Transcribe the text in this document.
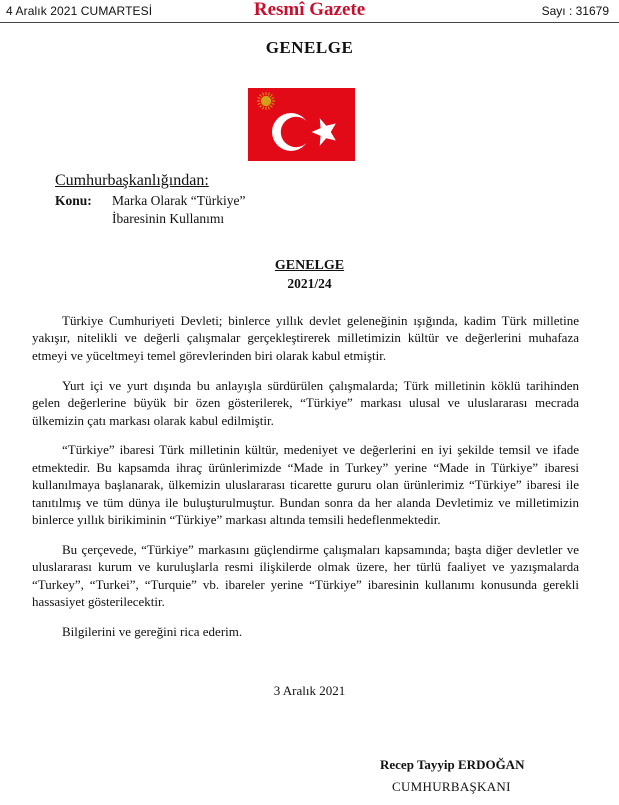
4 Aralık 2021 CUMARTESİ	Resmî Gazete	Sayı : 31679
GENELGE
Cumhurbaşkanlığından:
Konu: Marka Olarak “Türkiye”
İbaresinin Kullanımı
GENELGE
2021/24

Türkiye Cumhuriyeti Devleti; binlerce yıllık devlet geleneğinin ışığında, kadim Türk milletine yakışır, nitelikli ve değerli çalışmalar gerçekleştirerek milletimizin kültür ve değerlerini muhafaza etmeyi ve yüceltmeyi temel görevlerinden biri olarak kabul etmiştir.

Yurt içi ve yurt dışında bu anlayışla sürdürülen çalışmalarda; Türk milletinin köklü tarihinden gelen değerlerine büyük bir özen gösterilerek, “Türkiye” markası ulusal ve uluslararası mecrada ülkemizin çatı markası olarak kabul edilmiştir.

“Türkiye” ibaresi Türk milletinin kültür, medeniyet ve değerlerini en iyi şekilde temsil ve ifade etmektedir. Bu kapsamda ihraç ürünlerimizde “Made in Turkey” yerine “Made in Türkiye” ibaresi kullanılmaya başlanarak, ülkemizin uluslararası ticarette gururu olan ürünlerimiz “Türkiye” ibaresi ile tanıtılmış ve tüm dünya ile buluşturulmuştur. Bundan sonra da her alanda Devletimiz ve milletimizin binlerce yıllık birikiminin “Türkiye” markası altında temsili hedeflenmektedir.

Bu çerçevede, “Türkiye” markasını güçlendirme çalışmaları kapsamında; başta diğer devletler ve uluslararası kurum ve kuruluşlarla resmi ilişkilerde olmak üzere, her türlü faaliyet ve yazışmalarda “Turkey”, “Turkei”, “Turquie” vb. ibareler yerine “Türkiye” ibaresinin kullanımı konusunda gerekli hassasiyet gösterilecektir.

Bilgilerini ve gereğini rica ederim.

3 Aralık 2021
Recep Tayyip ERDOĞAN
CUMHURBAŞKANI
